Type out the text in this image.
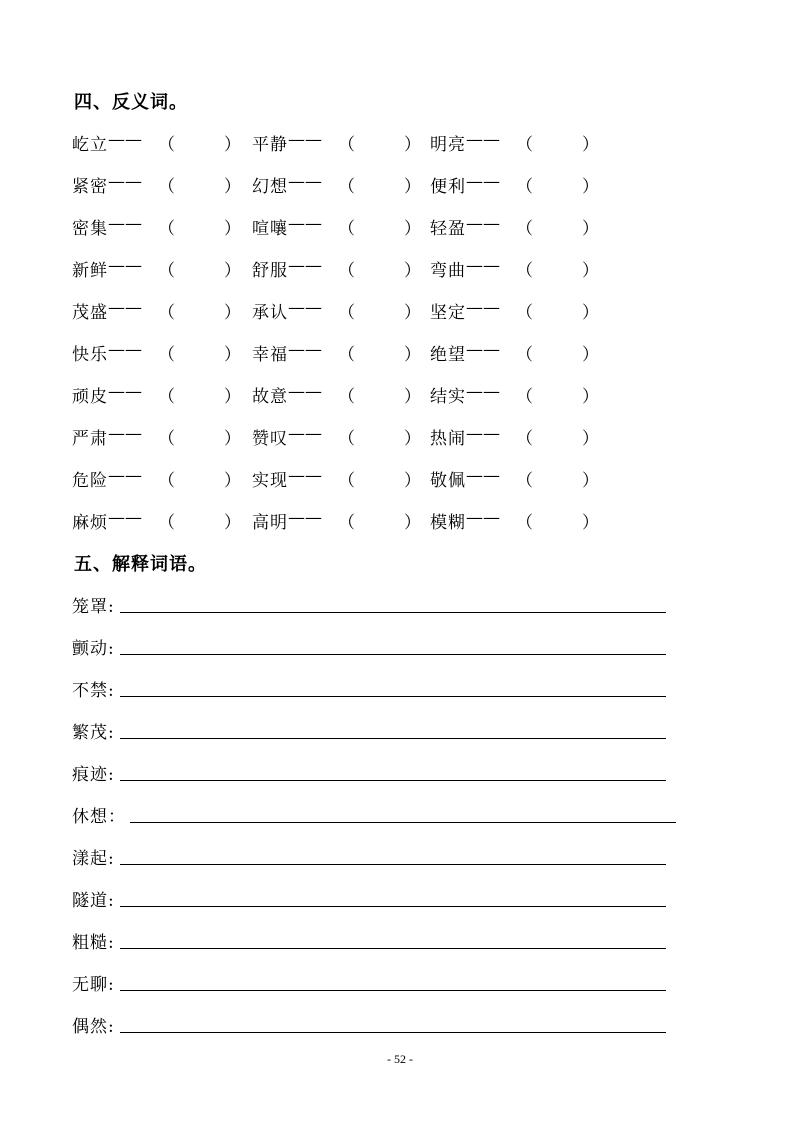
四、反义词。
屹立 —— （	） 平静 —— （	） 明亮 —— （	）
紧密 —— （	） 幻想 —— （	） 便利 —— （	）
密集 —— （	） 喧嚷 —— （	） 轻盈 —— （	）
新鲜 —— （	） 舒服 —— （	） 弯曲 —— （	）
茂盛 —— （	） 承认 —— （	） 坚定 —— （	）
快乐 —— （	） 幸福 —— （	） 绝望 —— （	）
顽皮 —— （	） 故意 —— （	） 结实 —— （	）
严肃 —— （	） 赞叹 —— （	） 热闹 —— （	）
危险 —— （	） 实现 —— （	） 敬佩 —— （	）
麻烦 —— （	） 高明 —— （	） 模糊 —— （	）
五、解释词语。
笼罩:
颤动:
不禁:
繁茂:
痕迹:
休想：
漾起:
隧道:
粗糙:
无聊:
偶然:
- 52 -
